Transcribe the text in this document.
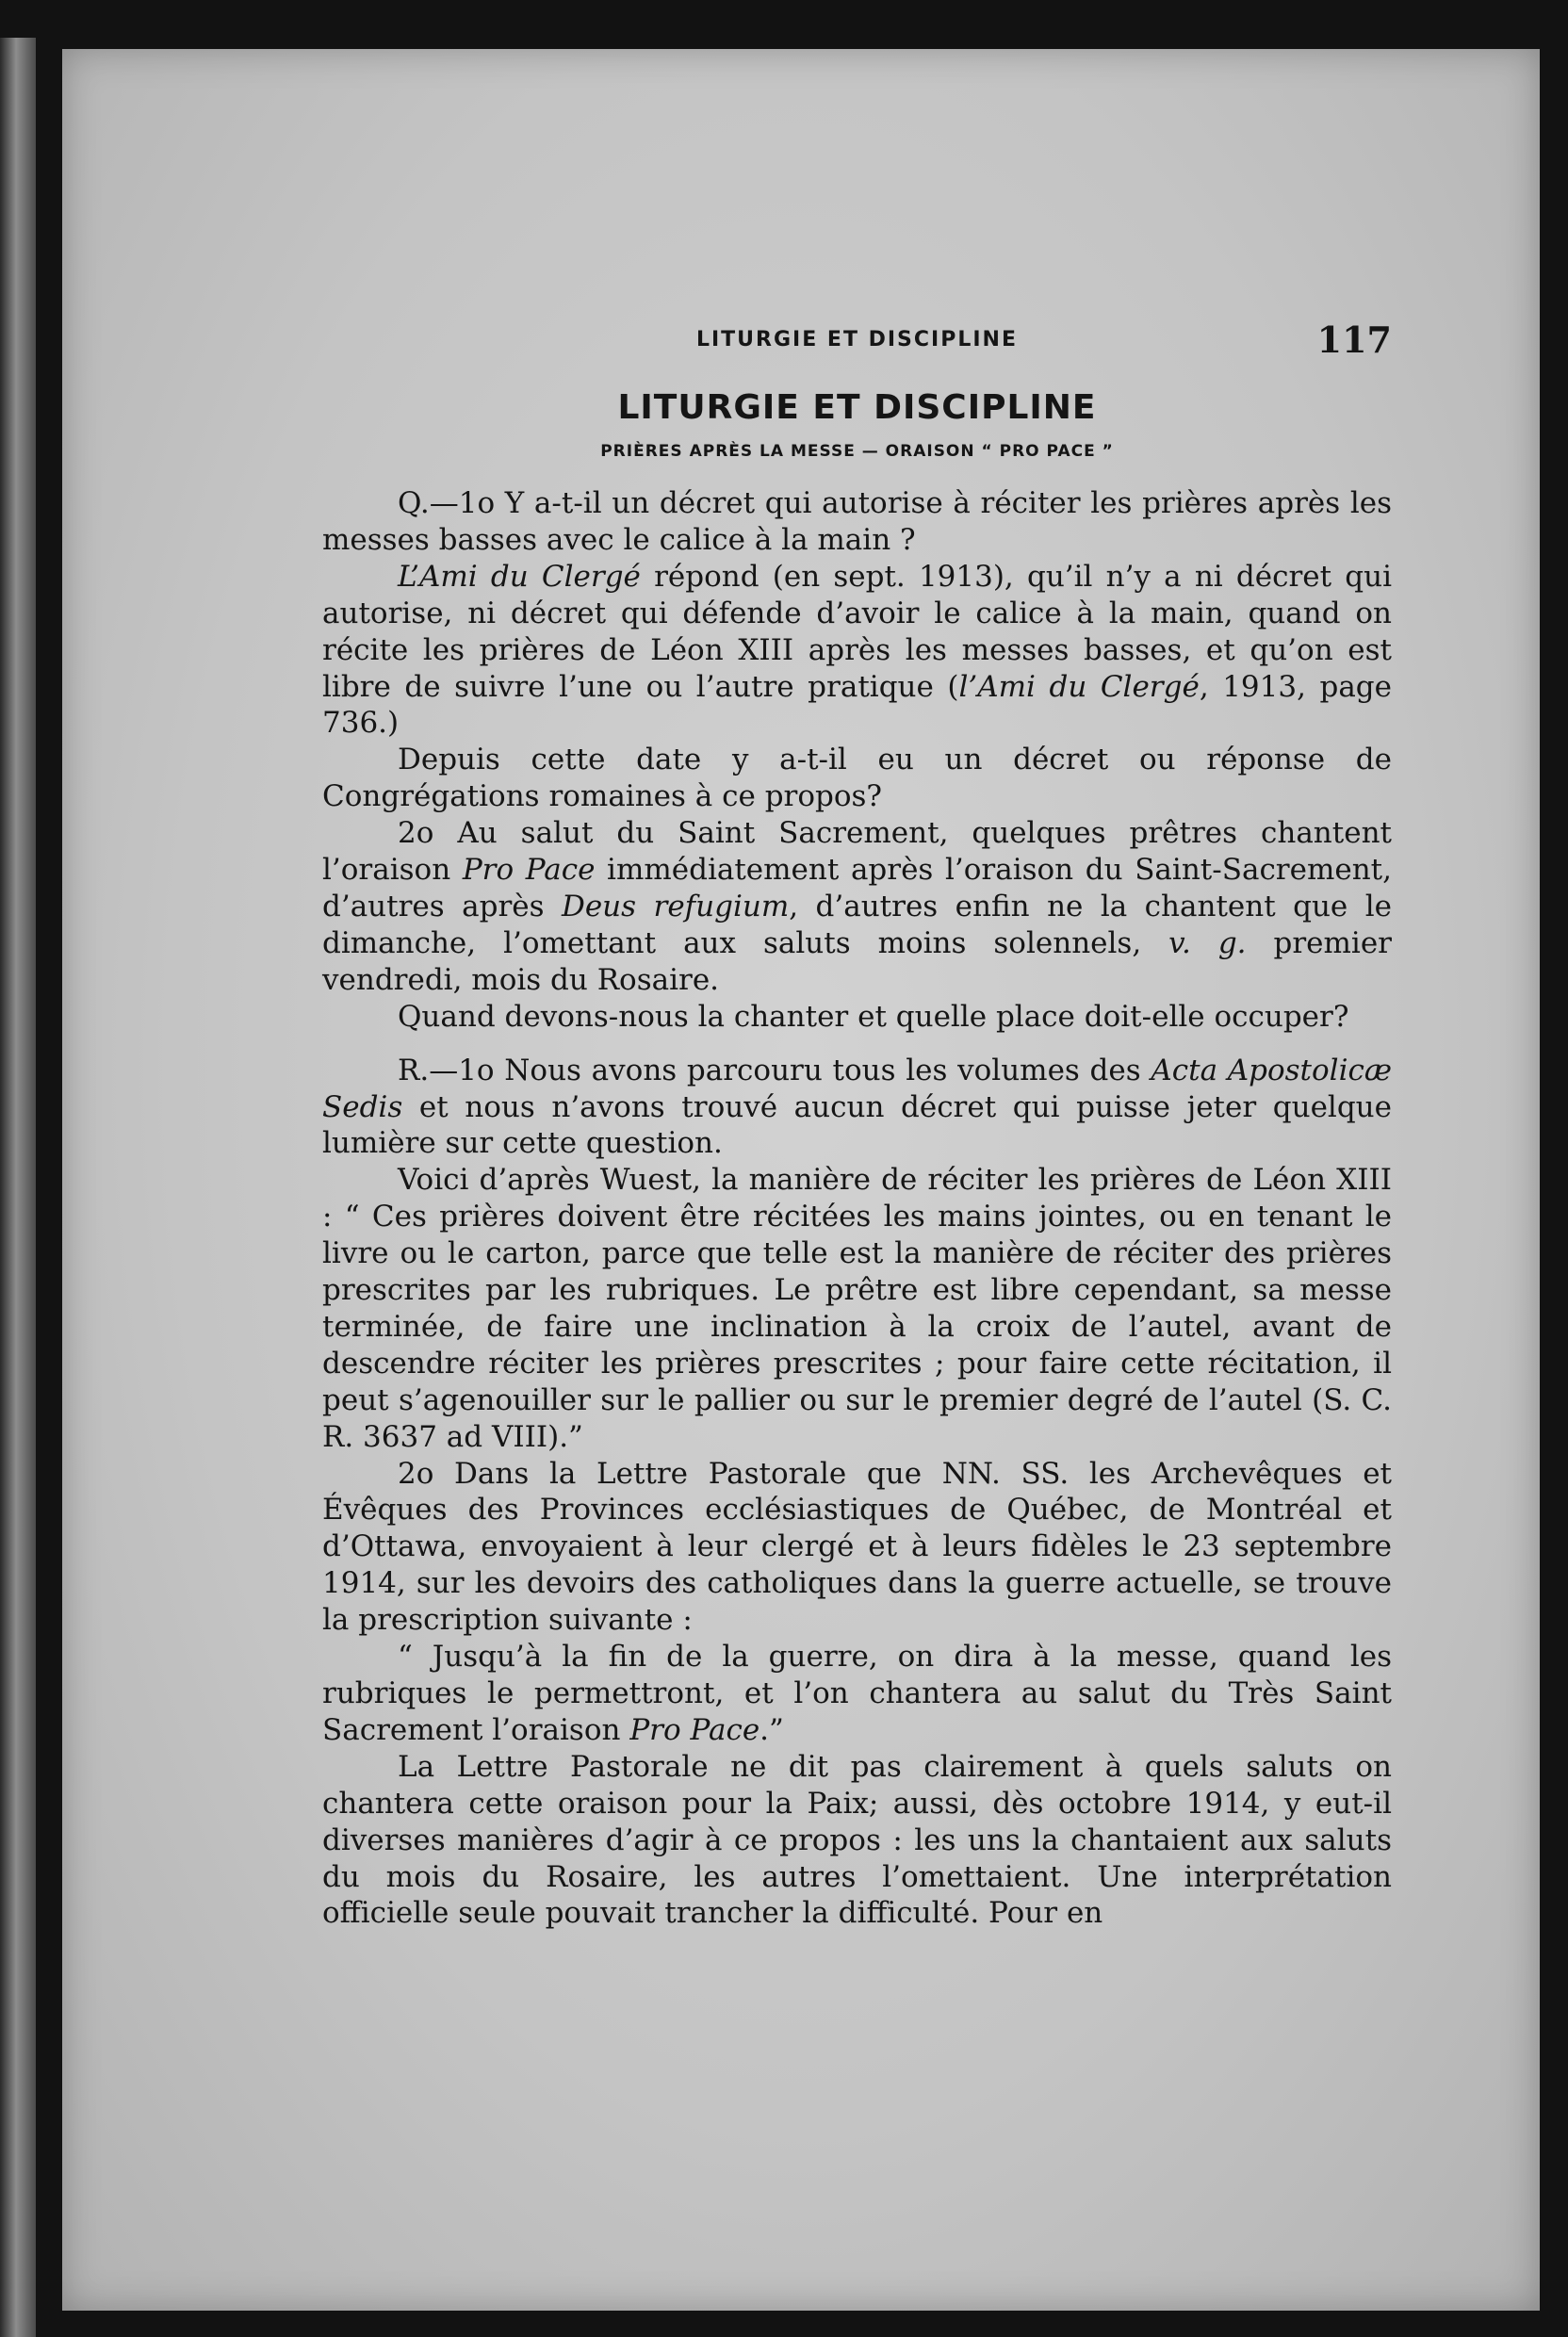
LITURGIE ET DISCIPLINE	117
LITURGIE ET DISCIPLINE
PRIÈRES APRÈS LA MESSE — ORAISON “ PRO PACE ”

Q.—1o Y a-t-il un décret qui autorise à réciter les prières après les messes basses avec le calice à la main ?

L’Ami du Clergé répond (en sept. 1913), qu’il n’y a ni décret qui autorise, ni décret qui défende d’avoir le calice à la main, quand on récite les prières de Léon XIII après les messes basses, et qu’on est libre de suivre l’une ou l’autre pratique (l’Ami du Clergé, 1913, page 736.)

Depuis cette date y a-t-il eu un décret ou réponse de Congrégations romaines à ce propos?

2o Au salut du Saint Sacrement, quelques prêtres chantent l’oraison Pro Pace immédiatement après l’oraison du Saint-Sacrement, d’autres après Deus refugium, d’autres enfin ne la chantent que le dimanche, l’omettant aux saluts moins solennels, v. g. premier vendredi, mois du Rosaire.

Quand devons-nous la chanter et quelle place doit-elle occuper?

R.—1o Nous avons parcouru tous les volumes des Acta Apostolicæ Sedis et nous n’avons trouvé aucun décret qui puisse jeter quelque lumière sur cette question.

Voici d’après Wuest, la manière de réciter les prières de Léon XIII : “ Ces prières doivent être récitées les mains jointes, ou en tenant le livre ou le carton, parce que telle est la manière de réciter des prières prescrites par les rubriques. Le prêtre est libre cependant, sa messe terminée, de faire une inclination à la croix de l’autel, avant de descendre réciter les prières prescrites ; pour faire cette récitation, il peut s’agenouiller sur le pallier ou sur le premier degré de l’autel (S. C. R. 3637 ad VIII).”

2o Dans la Lettre Pastorale que NN. SS. les Archevêques et Évêques des Provinces ecclésiastiques de Québec, de Montréal et d’Ottawa, envoyaient à leur clergé et à leurs fidèles le 23 septembre 1914, sur les devoirs des catholiques dans la guerre actuelle, se trouve la prescription suivante :

“ Jusqu’à la fin de la guerre, on dira à la messe, quand les rubriques le permettront, et l’on chantera au salut du Très Saint Sacrement l’oraison Pro Pace.”

La Lettre Pastorale ne dit pas clairement à quels saluts on chantera cette oraison pour la Paix; aussi, dès octobre 1914, y eut-il diverses manières d’agir à ce propos : les uns la chantaient aux saluts du mois du Rosaire, les autres l’omettaient. Une interprétation officielle seule pouvait trancher la difficulté. Pour en
